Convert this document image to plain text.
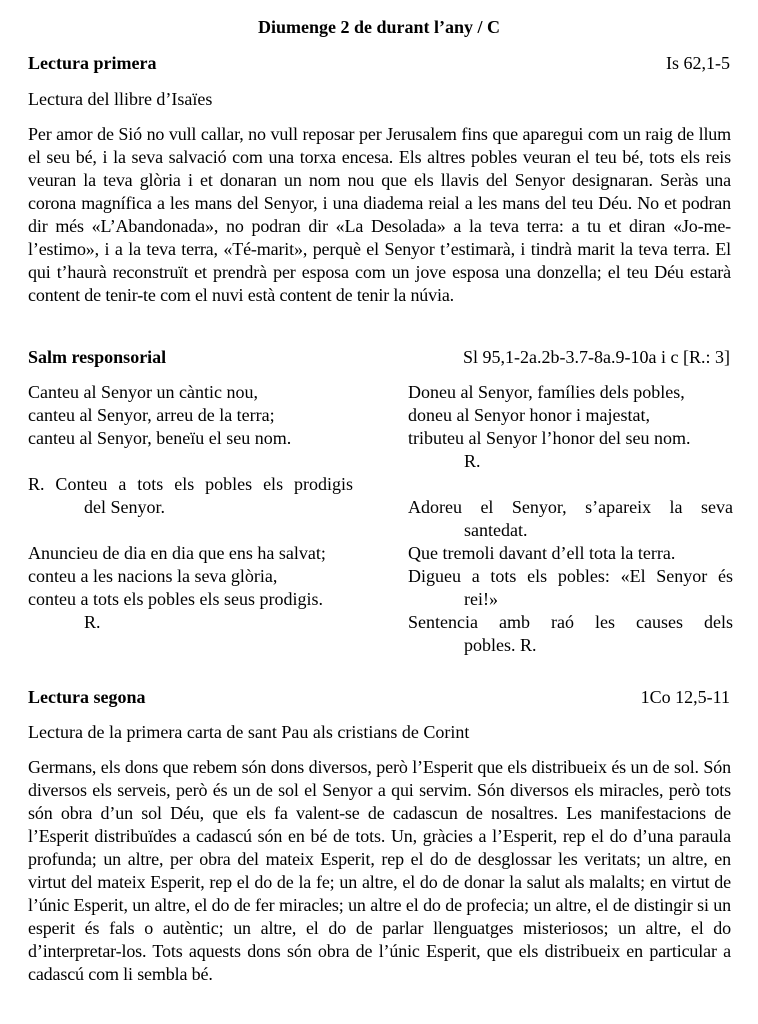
Diumenge 2 de durant l’any / C
Lectura primera	Is 62,1-5
Lectura del llibre d’Isaïes
Per amor de Sió no vull callar, no vull reposar per Jerusalem fins que aparegui com un raig de llum el seu bé, i la seva salvació com una torxa encesa. Els altres pobles veuran el teu bé, tots els reis veuran la teva glòria i et donaran un nom nou que els llavis del Senyor designaran. Seràs una corona magnífica a les mans del Senyor, i una diadema reial a les mans del teu Déu. No et podran dir més «L’Abandonada», no podran dir «La Desolada» a la teva terra: a tu et diran «Jo-me-l’estimo», i a la teva terra, «Té-marit», perquè el Senyor t’estimarà, i tindrà marit la teva terra. El qui t’haurà reconstruït et prendrà per esposa com un jove esposa una donzella; el teu Déu estarà content de tenir-te com el nuvi està content de tenir la núvia.
Salm responsorial	Sl 95,1-2a.2b-3.7-8a.9-10a i c [R.: 3]
Canteu al Senyor un càntic nou,
canteu al Senyor, arreu de la terra;
canteu al Senyor, beneïu el seu nom.
R. Conteu a tots els pobles els prodigis
del Senyor.
Anuncieu de dia en dia que ens ha salvat;
conteu a les nacions la seva glòria,
conteu a tots els pobles els seus prodigis.
R.
Doneu al Senyor, famílies dels pobles,
doneu al Senyor honor i majestat,
tributeu al Senyor l’honor del seu nom.
R.
Adoreu el Senyor, s’apareix la seva
santedat.
Que tremoli davant d’ell tota la terra.
Digueu a tots els pobles: «El Senyor és
rei!»
Sentencia amb raó les causes dels
pobles. R.
Lectura segona	1Co 12,5-11
Lectura de la primera carta de sant Pau als cristians de Corint
Germans, els dons que rebem són dons diversos, però l’Esperit que els distribueix és un de sol. Són diversos els serveis, però és un de sol el Senyor a qui servim. Són diversos els miracles, però tots són obra d’un sol Déu, que els fa valent-se de cadascun de nosaltres. Les manifestacions de l’Esperit distribuïdes a cadascú són en bé de tots. Un, gràcies a l’Esperit, rep el do d’una paraula profunda; un altre, per obra del mateix Esperit, rep el do de desglossar les veritats; un altre, en virtut del mateix Esperit, rep el do de la fe; un altre, el do de donar la salut als malalts; en virtut de l’únic Esperit, un altre, el do de fer miracles; un altre el do de profecia; un altre, el de distingir si un esperit és fals o autèntic; un altre, el do de parlar llenguatges misteriosos; un altre, el do d’interpretar-los. Tots aquests dons són obra de l’únic Esperit, que els distribueix en particular a cadascú com li sembla bé.
